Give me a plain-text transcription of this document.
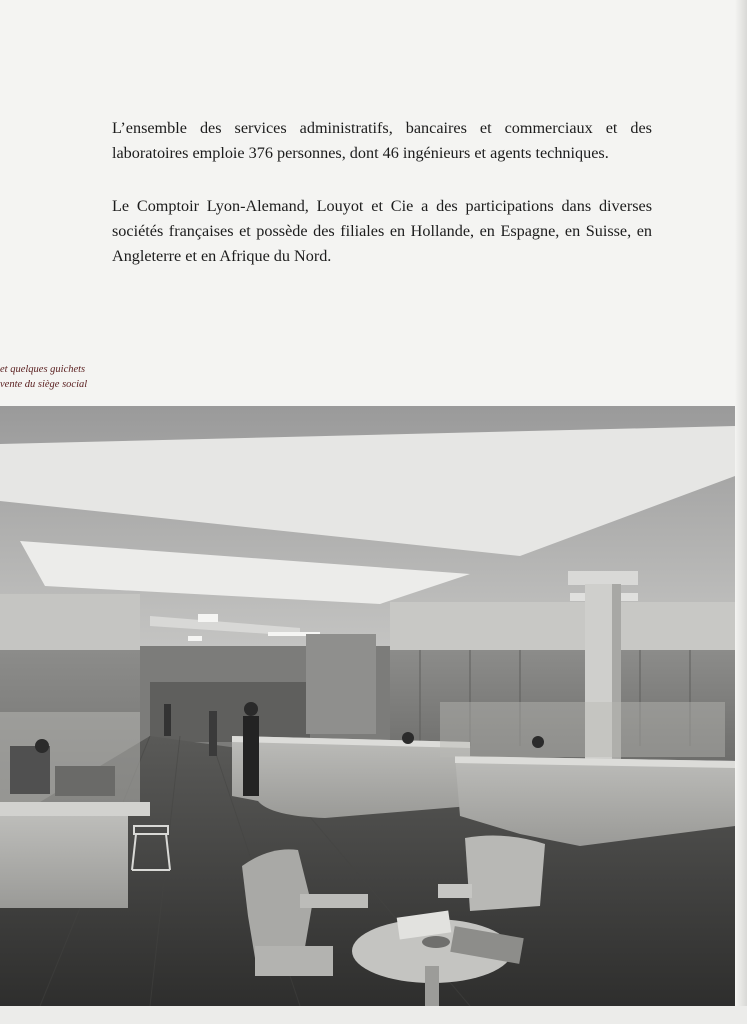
L’ensemble des services administratifs, bancaires et commerciaux et des laboratoires emploie 376 personnes, dont 46 ingénieurs et agents techniques.

Le Comptoir Lyon-Alemand, Louyot et Cie a des participations dans diverses sociétés françaises et possède des filiales en Hollande, en Espagne, en Suisse, en Angleterre et en Afrique du Nord.

et quelques guichets
vente du siège social
